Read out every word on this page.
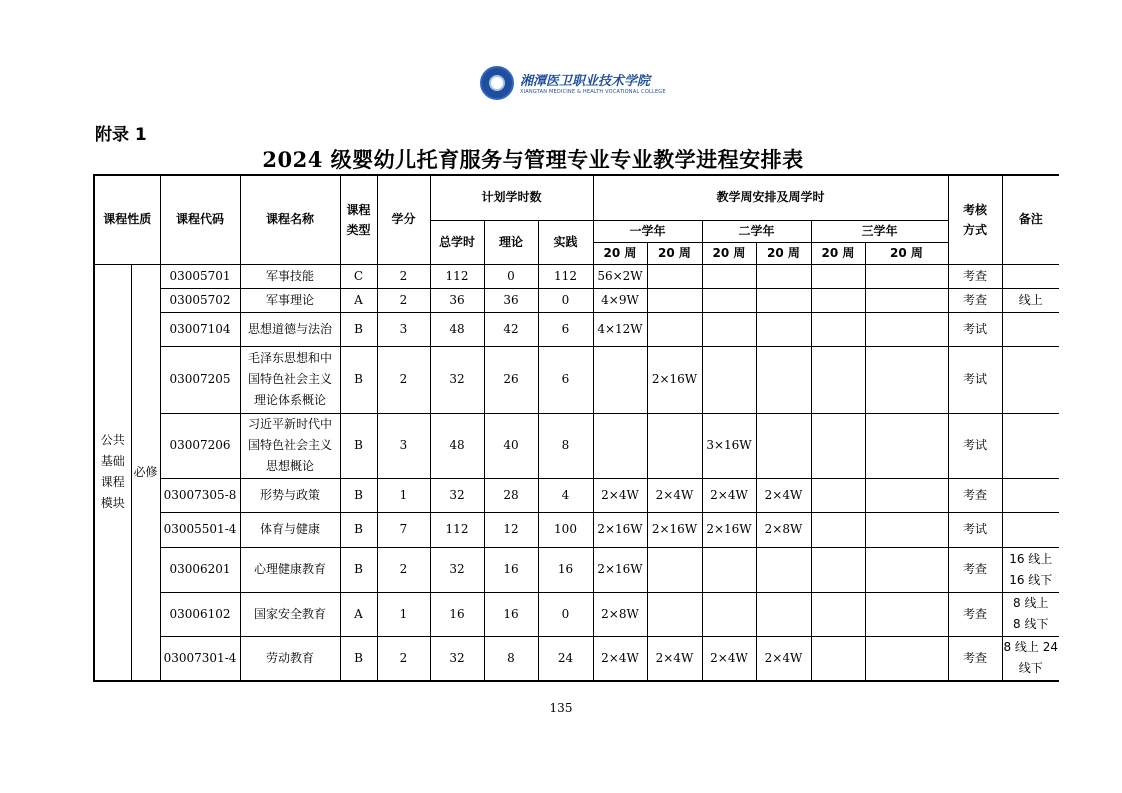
湘潭医卫职业技术学院
XIANGTAN MEDICINE & HEALTH VOCATIONAL COLLEGE
附录 1
2024 级婴幼儿托育服务与管理专业专业教学进程安排表
课程性质		课程代码	课程名称	课程类型	学分	计划学时数			教学周安排及周学时						考核方式	备注
						总学时	理论	实践	一学年		二学年		三学年			
									20 周	20 周	20 周	20 周	20 周	20 周		

公共
基础
课程
模块	必修	03005701	军事技能	C	2	112	0	112	56×2W						考查	
		03005702	军事理论	A	2	36	36	0	4×9W						考查	线上

		03007104	思想道德与法治	B	3	48	42	6	4×12W						考试	
		03007205	毛泽东思想和中
国特色社会主义
理论体系概论	B	2	32	26	6		2×16W					考试	
		03007206	习近平新时代中
国特色社会主义
思想概论	B	3	48	40	8			3×16W				考试	
		03007305-8	形势与政策	B	1	32	28	4	2×4W	2×4W	2×4W	2×4W			考查	
		03005501-4	体育与健康	B	7	112	12	100	2×16W	2×16W	2×16W	2×8W			考试	
		03006201	心理健康教育	B	2	32	16	16	2×16W						考查	16 线上
16 线下

		03006102	国家安全教育	A	1	16	16	0	2×8W						考查	8 线上
8 线下

		03007301-4	劳动教育	B	2	32	8	24	2×4W	2×4W	2×4W	2×4W			考查	8 线上 24
线下
135
